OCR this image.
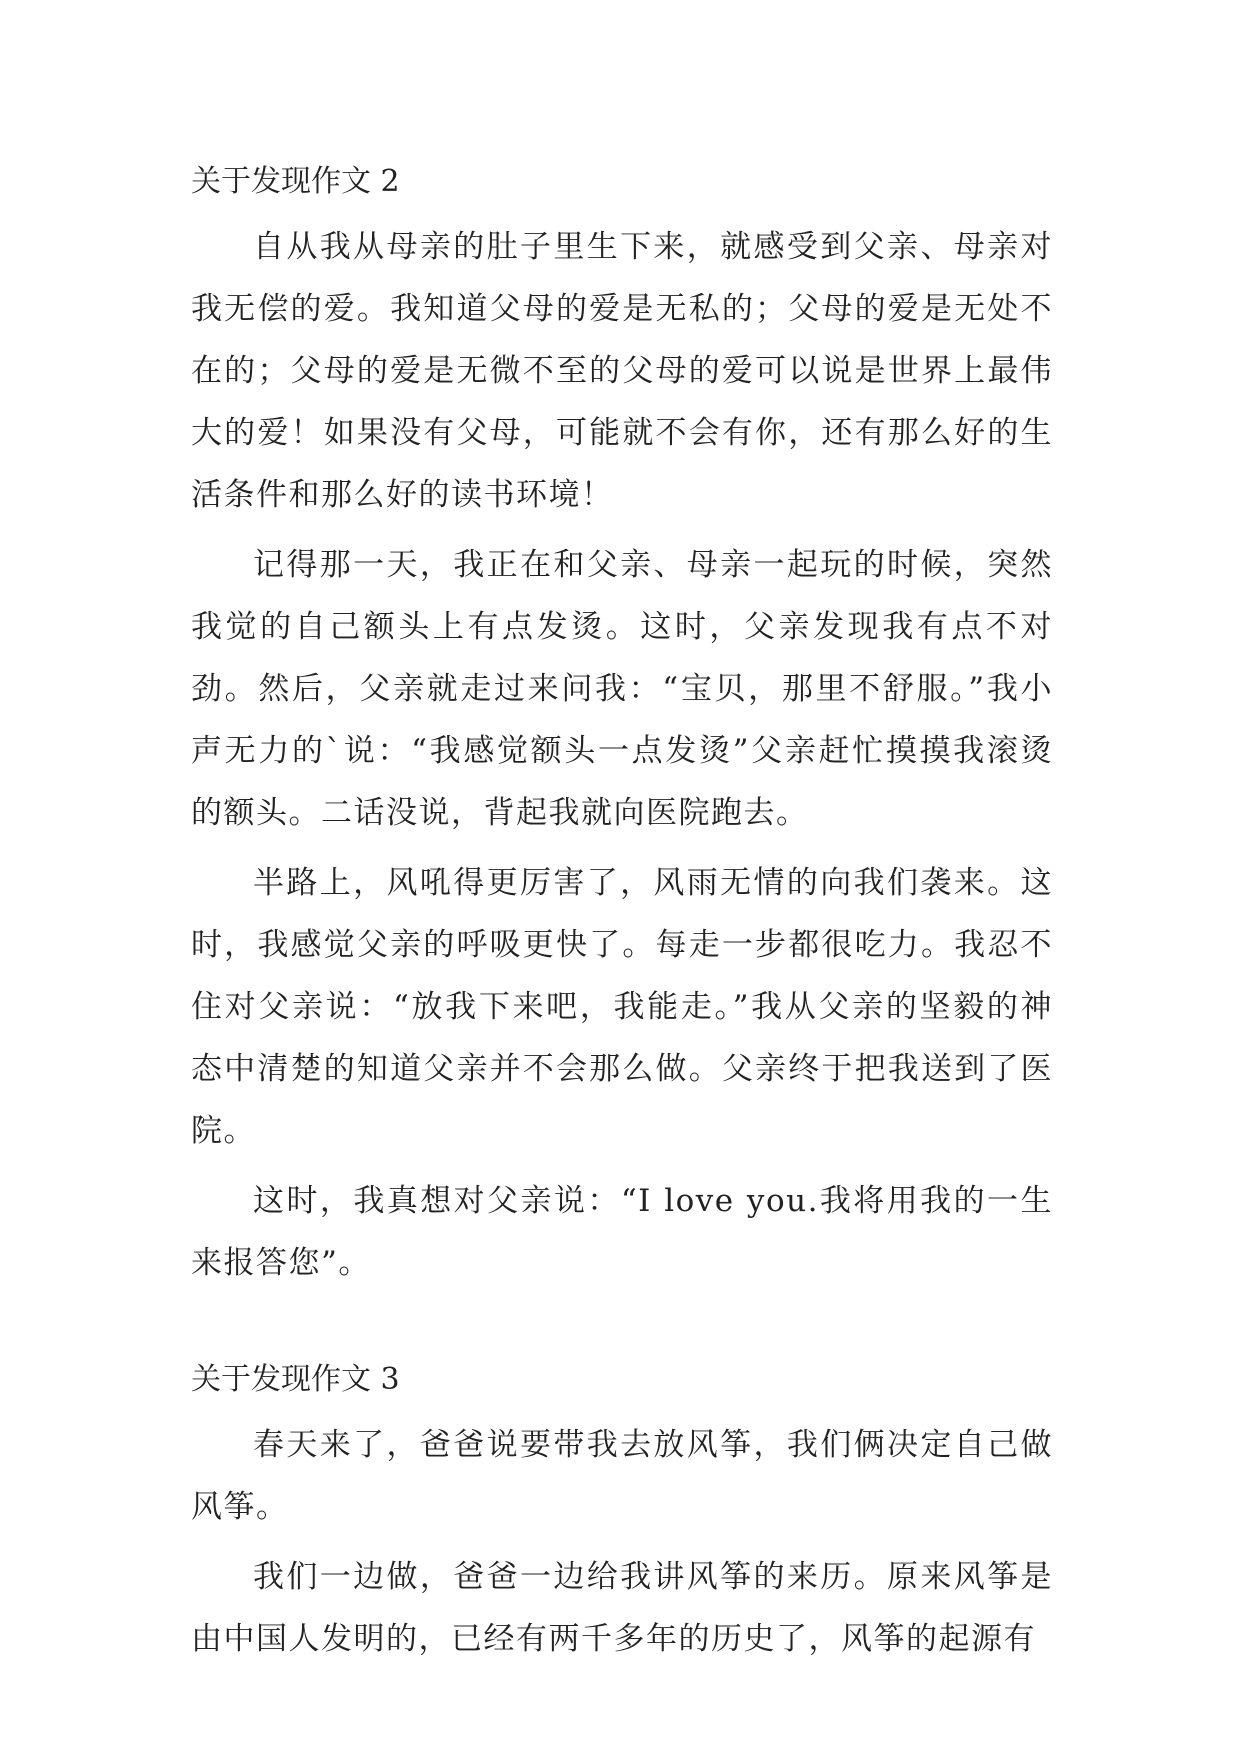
关于发现作文 2

自从我从母亲的肚子里生下来，就感受到父亲、母亲对我无偿的爱。我知道父母的爱是无私的；父母的爱是无处不在的；父母的爱是无微不至的父母的爱可以说是世界上最伟大的爱！如果没有父母，可能就不会有你，还有那么好的生活条件和那么好的读书环境！

记得那一天，我正在和父亲、母亲一起玩的时候，突然我觉的自己额头上有点发烫。这时，父亲发现我有点不对劲。然后，父亲就走过来问我：“宝贝，那里不舒服。”我小声无力的`说：“我感觉额头一点发烫”父亲赶忙摸摸我滚烫的额头。二话没说，背起我就向医院跑去。

半路上，风吼得更厉害了，风雨无情的向我们袭来。这时，我感觉父亲的呼吸更快了。每走一步都很吃力。我忍不住对父亲说：“放我下来吧，我能走。”我从父亲的坚毅的神态中清楚的知道父亲并不会那么做。父亲终于把我送到了医院。

这时，我真想对父亲说：“I love you.我将用我的一生来报答您”。

关于发现作文 3

春天来了，爸爸说要带我去放风筝，我们俩决定自己做风筝。

我们一边做，爸爸一边给我讲风筝的来历。原来风筝是由中国人发明的，已经有两千多年的历史了，风筝的起源有
